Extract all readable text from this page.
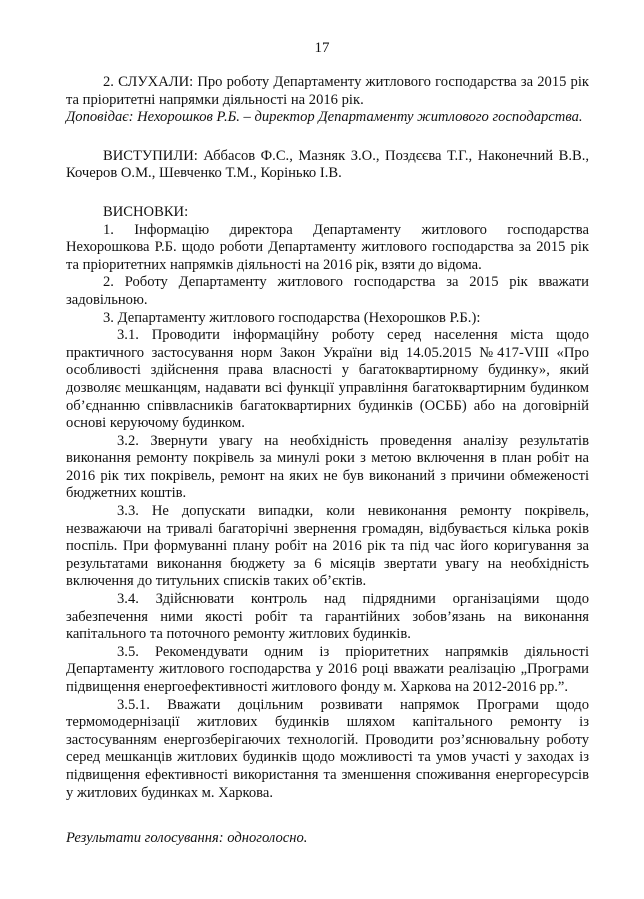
17

2. СЛУХАЛИ: Про роботу Департаменту житлового господарства за 2015 рік та пріоритетні напрямки діяльності на 2016 рік.

Доповідає: Нехорошков Р.Б. – директор Департаменту житлового господарства.

ВИСТУПИЛИ: Аббасов Ф.С., Мазняк З.О., Поздєєва Т.Г., Наконечний В.В., Кочеров О.М., Шевченко Т.М., Корінько І.В.

ВИСНОВКИ:

1. Інформацію директора Департаменту житлового господарства Нехорошкова Р.Б. щодо роботи Департаменту житлового господарства за 2015 рік та пріоритетних напрямків діяльності на 2016 рік, взяти до відома.

2. Роботу Департаменту житлового господарства за 2015 рік вважати задовільною.

3. Департаменту житлового господарства (Нехорошков Р.Б.):

3.1. Проводити інформаційну роботу серед населення міста щодо практичного застосування норм Закон України від 14.05.2015 №417-VIII «Про особливості здійснення права власності у багатоквартирному будинку», який дозволяє мешканцям, надавати всі функції управління багатоквартирним будинком об’єднанню співвласників багатоквартирних будинків (ОСББ) або на договірній основі керуючому будинком.

3.2. Звернути увагу на необхідність проведення аналізу результатів виконання ремонту покрівель за минулі роки з метою включення в план робіт на 2016 рік тих покрівель, ремонт на яких не був виконаний з причини обмеженості бюджетних коштів.

3.3. Не допускати випадки, коли невиконання ремонту покрівель, незважаючи на тривалі багаторічні звернення громадян, відбувається кілька років поспіль. При формуванні плану робіт на 2016 рік та під час його коригування за результатами виконання бюджету за 6 місяців звертати увагу на необхідність включення до титульних списків таких об’єктів.

3.4. Здійснювати контроль над підрядними організаціями щодо забезпечення ними якості робіт та гарантійних зобов’язань на виконання капітального та поточного ремонту житлових будинків.

3.5. Рекомендувати одним із пріоритетних напрямків діяльності Департаменту житлового господарства у 2016 році вважати реалізацію „Програми підвищення енергоефективності житлового фонду м. Харкова на 2012-2016 рр.”.

3.5.1. Вважати доцільним розвивати напрямок Програми щодо термомодернізації житлових будинків шляхом капітального ремонту із застосуванням енергозберігаючих технологій. Проводити роз’яснювальну роботу серед мешканців житлових будинків щодо можливості та умов участі у заходах із підвищення ефективності використання та зменшення споживання енергоресурсів у житлових будинках м. Харкова.

Результати голосування: одноголосно.
